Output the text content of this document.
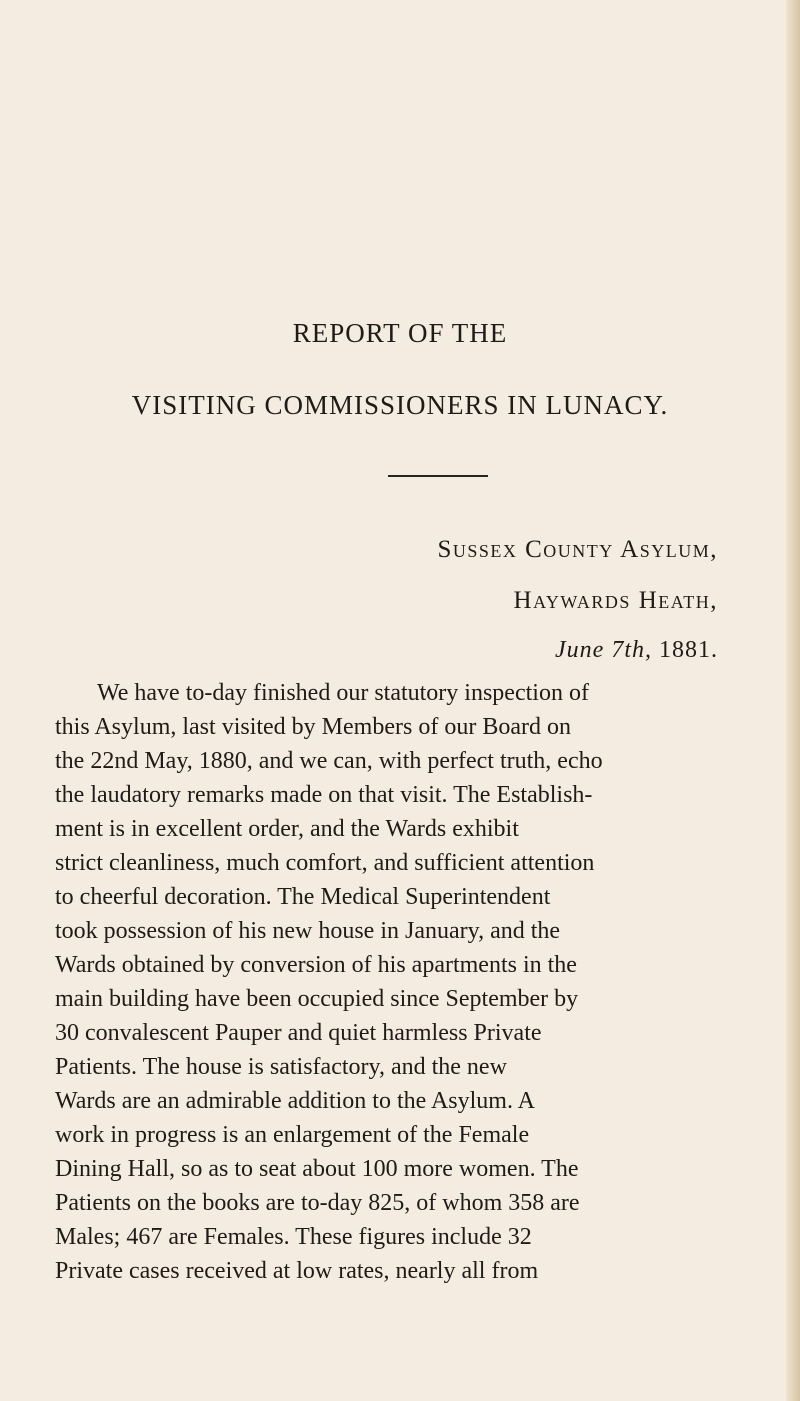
REPORT OF THE
VISITING COMMISSIONERS IN LUNACY.
Sussex County Asylum,
Haywards Heath,
June 7th, 1881.
We have to-day finished our statutory inspection of
this Asylum, last visited by Members of our Board on
the 22nd May, 1880, and we can, with perfect truth, echo
the laudatory remarks made on that visit. The Establish-
ment is in excellent order, and the Wards exhibit
strict cleanliness, much comfort, and sufficient attention
to cheerful decoration. The Medical Superintendent
took possession of his new house in January, and the
Wards obtained by conversion of his apartments in the
main building have been occupied since September by
30 convalescent Pauper and quiet harmless Private
Patients. The house is satisfactory, and the new
Wards are an admirable addition to the Asylum. A
work in progress is an enlargement of the Female
Dining Hall, so as to seat about 100 more women. The
Patients on the books are to-day 825, of whom 358 are
Males; 467 are Females. These figures include 32
Private cases received at low rates, nearly all from
